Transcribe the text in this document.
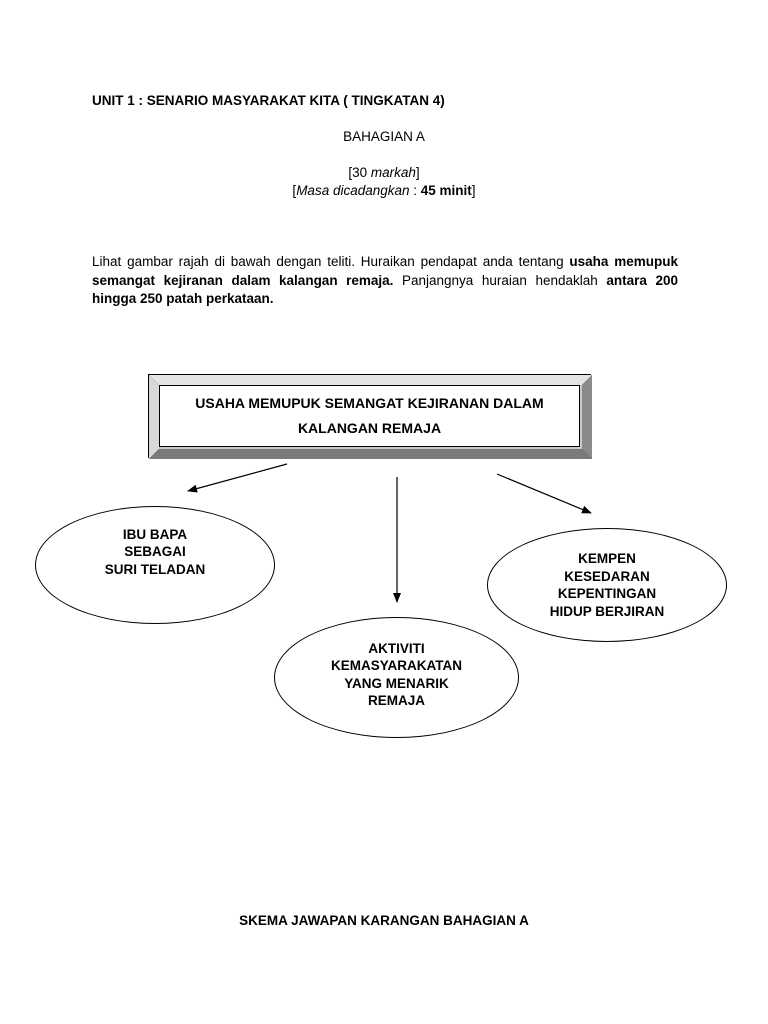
UNIT 1 : SENARIO MASYARAKAT KITA ( TINGKATAN 4)
BAHAGIAN A
[30 markah]
[Masa dicadangkan : 45 minit]
Lihat gambar rajah di bawah dengan teliti. Huraikan pendapat anda tentang usaha memupuk semangat kejiranan dalam kalangan remaja. Panjangnya huraian hendaklah antara 200 hingga 250 patah perkataan.
USAHA MEMUPUK SEMANGAT KEJIRANAN DALAM KALANGAN REMAJA
IBU BAPA
SEBAGAI
SURI TELADAN
KEMPEN
KESEDARAN
KEPENTINGAN
HIDUP BERJIRAN
AKTIVITI
KEMASYARAKATAN
YANG MENARIK
REMAJA
SKEMA JAWAPAN KARANGAN BAHAGIAN A
